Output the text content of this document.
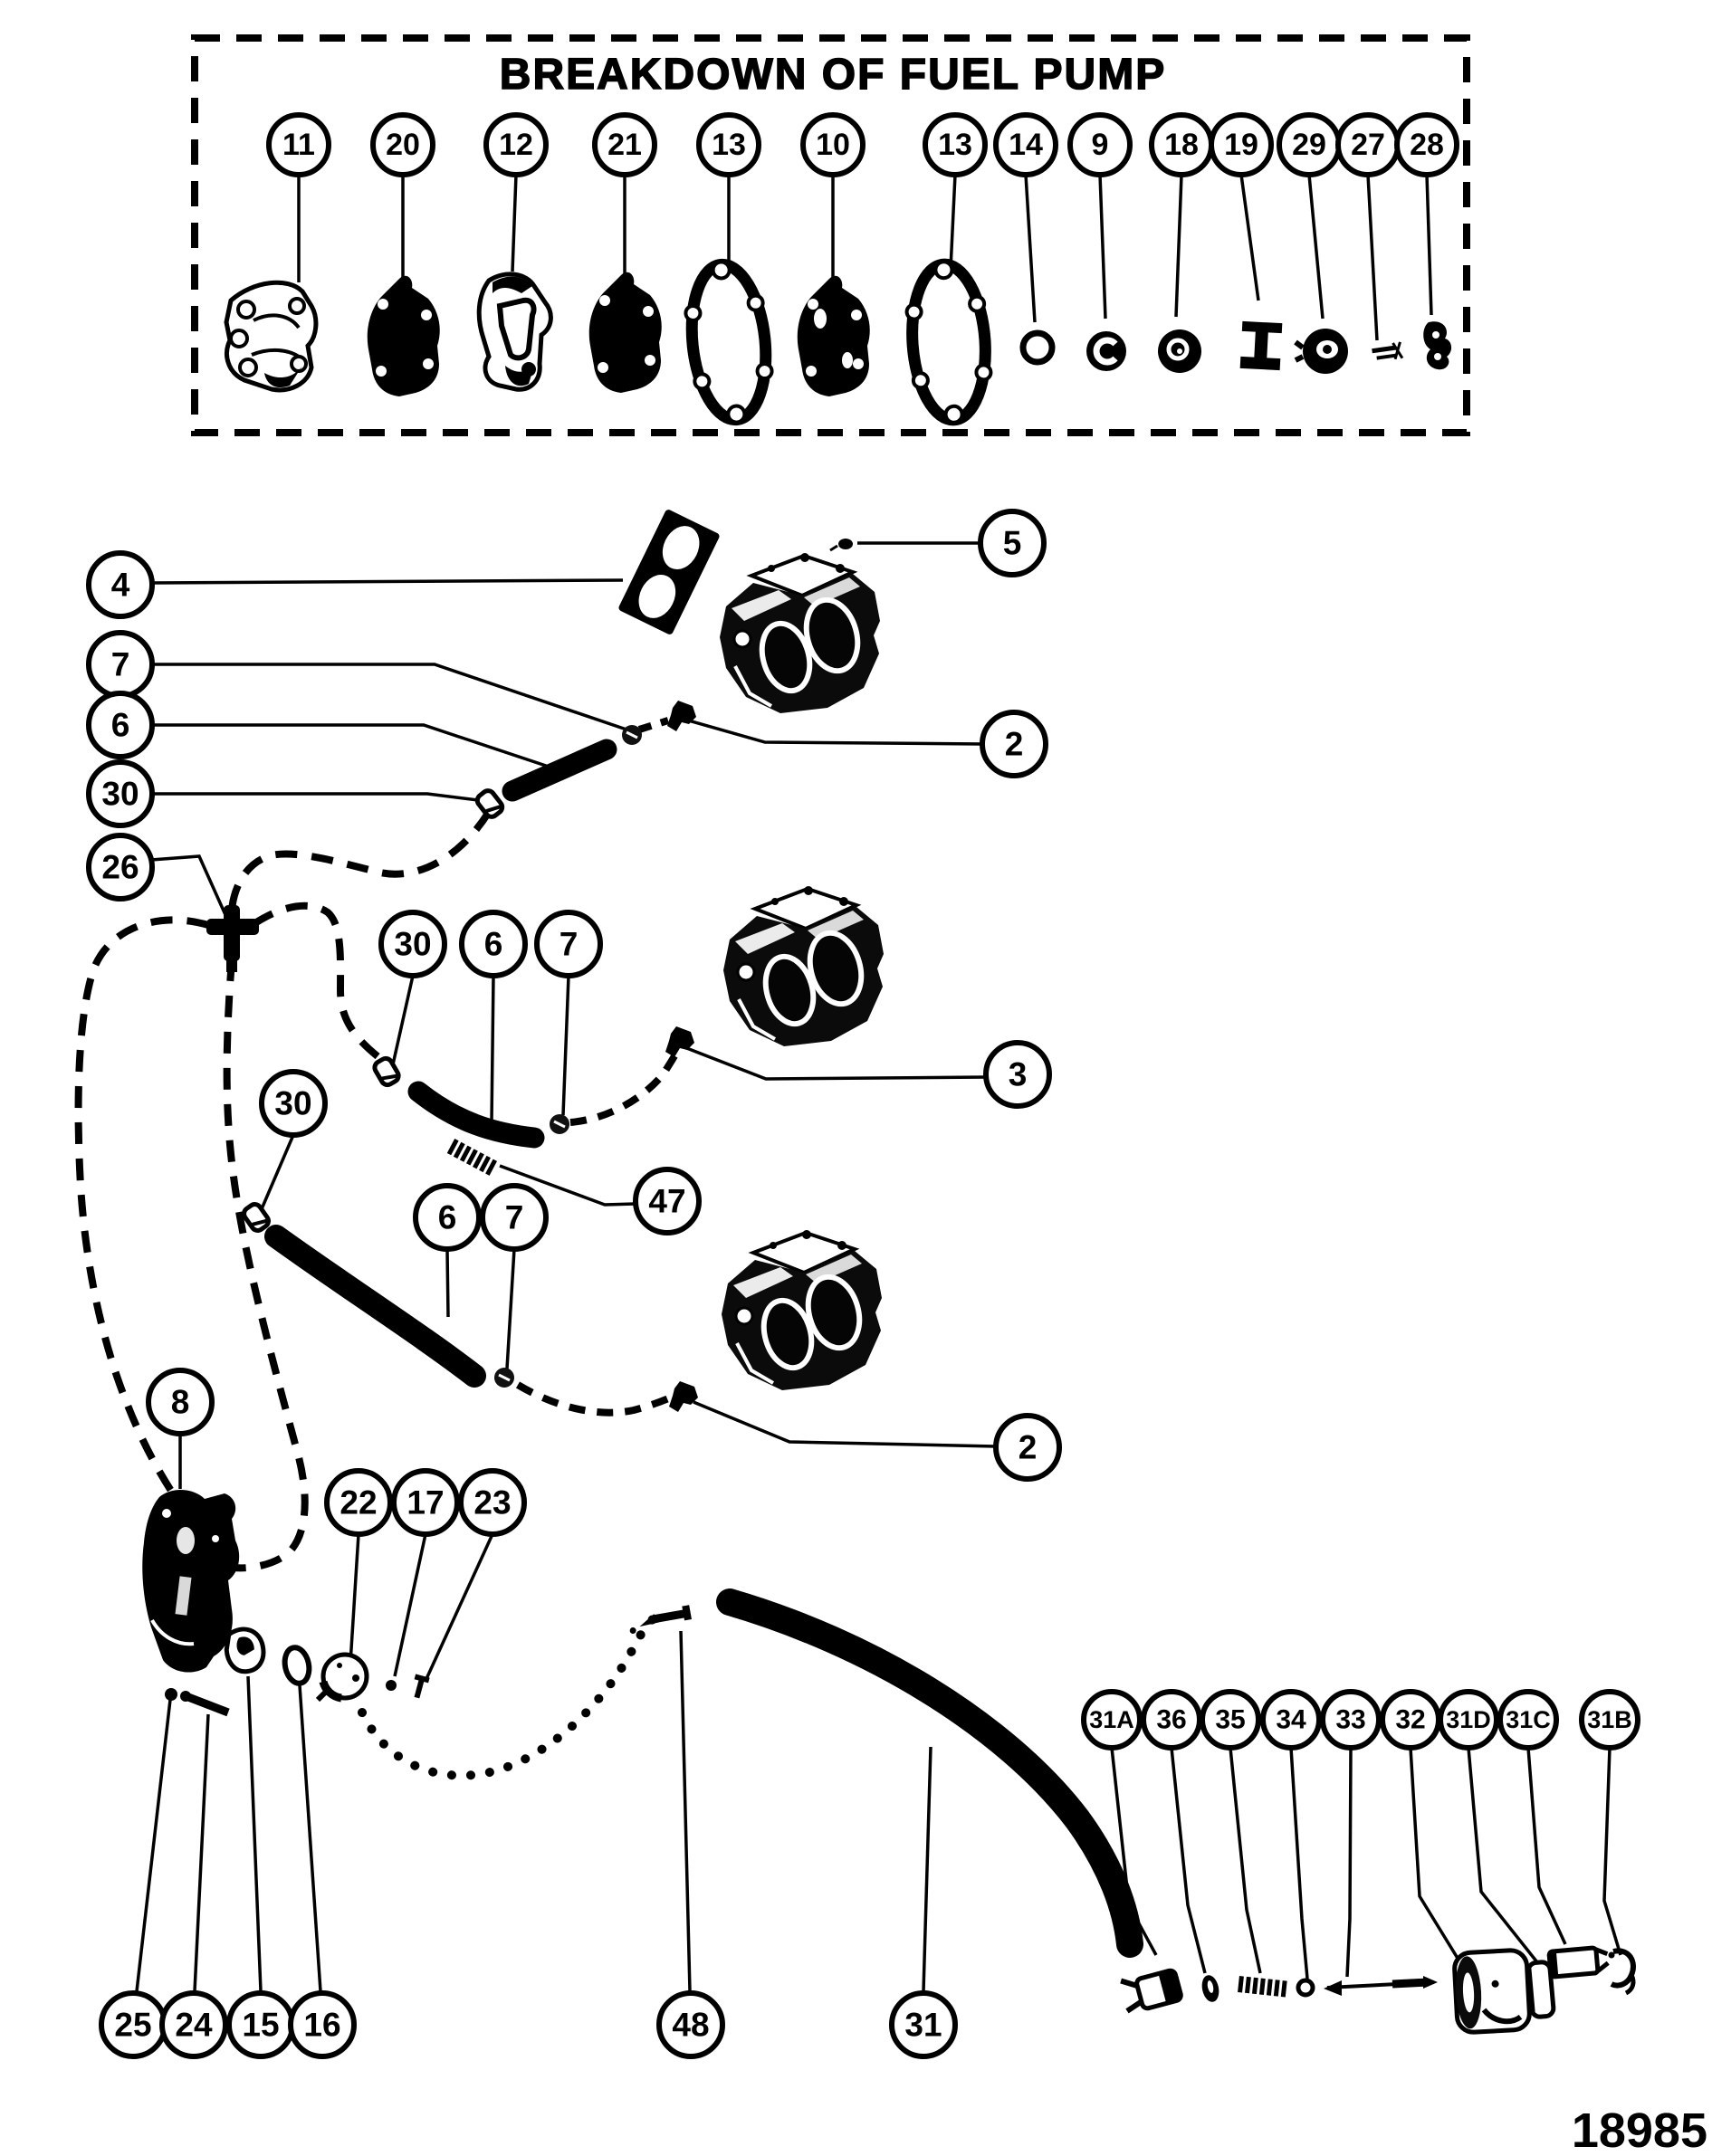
BREAKDOWN OF FUEL PUMP
11 20	12 21 13 10	13 14 9 18 19 29 27 28
4
7
6
30
26
5
2
30 6 7
3
30
47
6 7
2
8
22 17 23
31A 36 35 34 33 32 31D 31C 31B
25 24 15 16	48	31
18985
